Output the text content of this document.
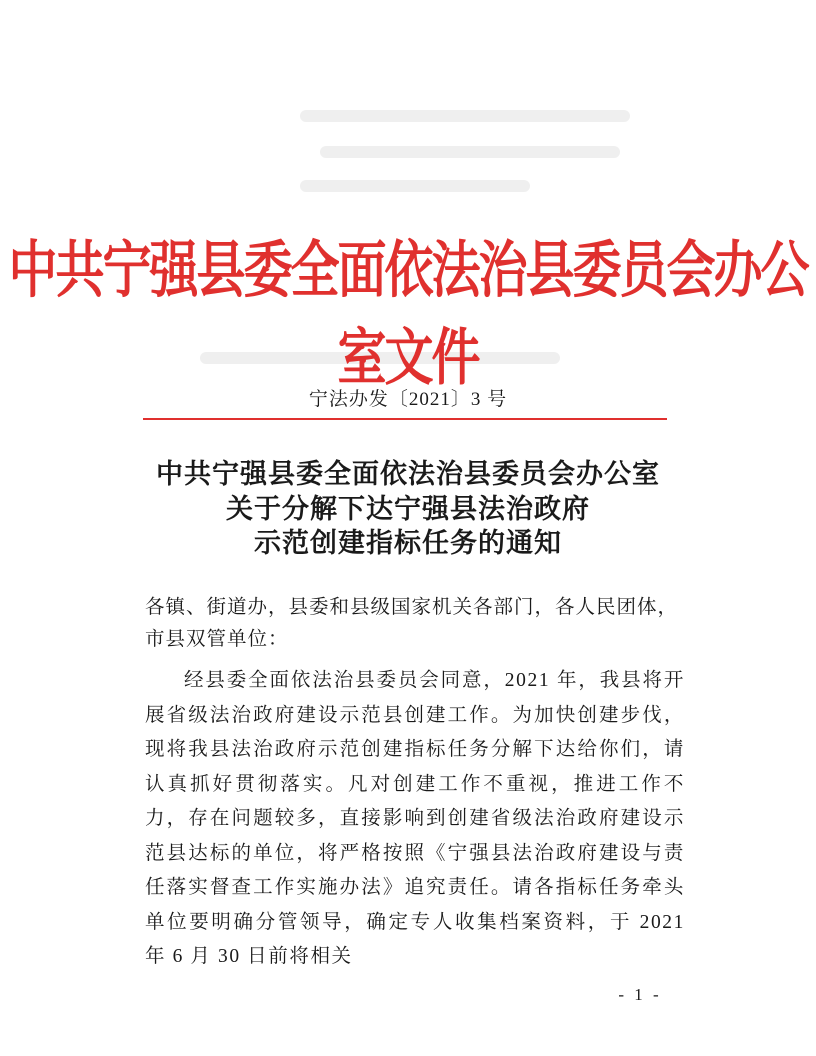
中共宁强县委全面依法治县委员会办公室文件
宁法办发〔2021〕3 号
中共宁强县委全面依法治县委员会办公室
关于分解下达宁强县法治政府
示范创建指标任务的通知
各镇、街道办，县委和县级国家机关各部门，各人民团体，市县双管单位：

经县委全面依法治县委员会同意，2021 年，我县将开展省级法治政府建设示范县创建工作。为加快创建步伐，现将我县法治政府示范创建指标任务分解下达给你们，请认真抓好贯彻落实。凡对创建工作不重视，推进工作不力，存在问题较多，直接影响到创建省级法治政府建设示范县达标的单位，将严格按照《宁强县法治政府建设与责任落实督查工作实施办法》追究责任。请各指标任务牵头单位要明确分管领导，确定专人收集档案资料，于 2021 年 6 月 30 日前将相关

- 1 -
